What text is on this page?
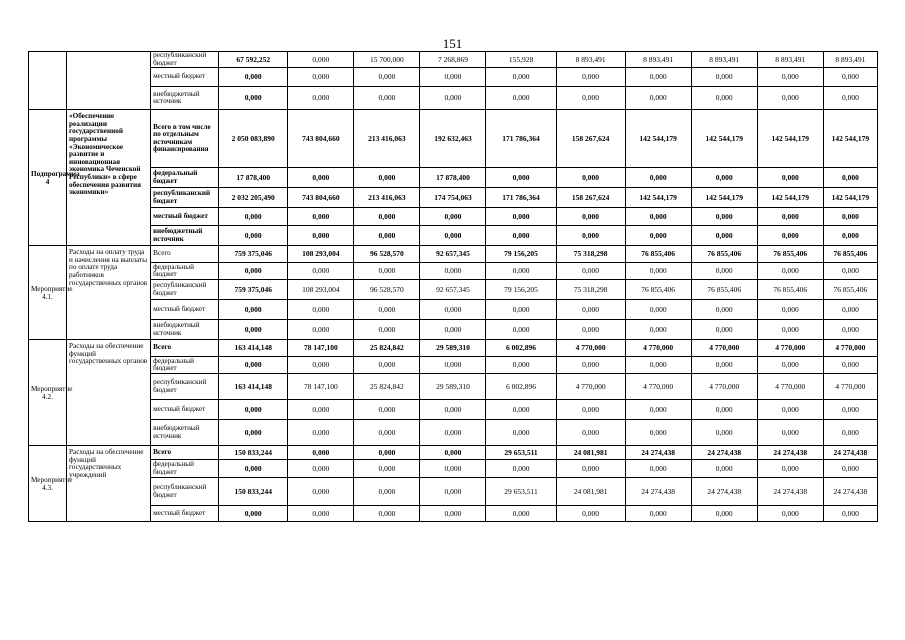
151
		республиканский бюджет	67 592,252	0,000	15 700,000	7 268,869	155,928	8 893,491	8 893,491	8 893,491	8 893,491	8 893,491
		местный бюджет	0,000	0,000	0,000	0,000	0,000	0,000	0,000	0,000	0,000	0,000
		внебюджетный источник	0,000	0,000	0,000	0,000	0,000	0,000	0,000	0,000	0,000	0,000
Подпрограмма 4	«Обеспечение реализации государственной программы «Экономическое развитие и инновационная экономика Чеченской Республики» в сфере обеспечения развития экономики»	Всего в том числе по отдельным источникам финансирования	2 050 083,890	743 804,660	213 416,063	192 632,463	171 786,364	158 267,624	142 544,179	142 544,179	142 544,179	142 544,179
		федеральный бюджет	17 878,400	0,000	0,000	17 878,400	0,000	0,000	0,000	0,000	0,000	0,000
		республиканский бюджет	2 032 205,490	743 804,660	213 416,063	174 754,063	171 786,364	158 267,624	142 544,179	142 544,179	142 544,179	142 544,179
		местный бюджет	0,000	0,000	0,000	0,000	0,000	0,000	0,000	0,000	0,000	0,000
		внебюджетный источник	0,000	0,000	0,000	0,000	0,000	0,000	0,000	0,000	0,000	0,000
Мероприятие 4.1.	Расходы на оплату труда и начисления на выплаты по оплате труда работников государственных органов	Всего	759 375,046	108 293,004	96 528,570	92 657,345	79 156,205	75 318,298	76 855,406	76 855,406	76 855,406	76 855,406
		федеральный бюджет	0,000	0,000	0,000	0,000	0,000	0,000	0,000	0,000	0,000	0,000
		республиканский бюджет	759 375,046	108 293,004	96 528,570	92 657,345	79 156,205	75 318,298	76 855,406	76 855,406	76 855,406	76 855,406
		местный бюджет	0,000	0,000	0,000	0,000	0,000	0,000	0,000	0,000	0,000	0,000
		внебюджетный источник	0,000	0,000	0,000	0,000	0,000	0,000	0,000	0,000	0,000	0,000
Мероприятие 4.2.	Расходы на обеспечение функций государственных органов	Всего	163 414,148	78 147,100	25 824,842	29 589,310	6 002,896	4 770,000	4 770,000	4 770,000	4 770,000	4 770,000
		федеральный бюджет	0,000	0,000	0,000	0,000	0,000	0,000	0,000	0,000	0,000	0,000
		республиканский бюджет	163 414,148	78 147,100	25 824,842	29 589,310	6 002,896	4 770,000	4 770,000	4 770,000	4 770,000	4 770,000
		местный бюджет	0,000	0,000	0,000	0,000	0,000	0,000	0,000	0,000	0,000	0,000
		внебюджетный источник	0,000	0,000	0,000	0,000	0,000	0,000	0,000	0,000	0,000	0,000
Мероприятие 4.3.	Расходы на обеспечение функций государственных учреждений	Всего	150 833,244	0,000	0,000	0,000	29 653,511	24 081,981	24 274,438	24 274,438	24 274,438	24 274,438
		федеральный бюджет	0,000	0,000	0,000	0,000	0,000	0,000	0,000	0,000	0,000	0,000
		республиканский бюджет	150 833,244	0,000	0,000	0,000	29 653,511	24 081,981	24 274,438	24 274,438	24 274,438	24 274,438
		местный бюджет	0,000	0,000	0,000	0,000	0,000	0,000	0,000	0,000	0,000	0,000
